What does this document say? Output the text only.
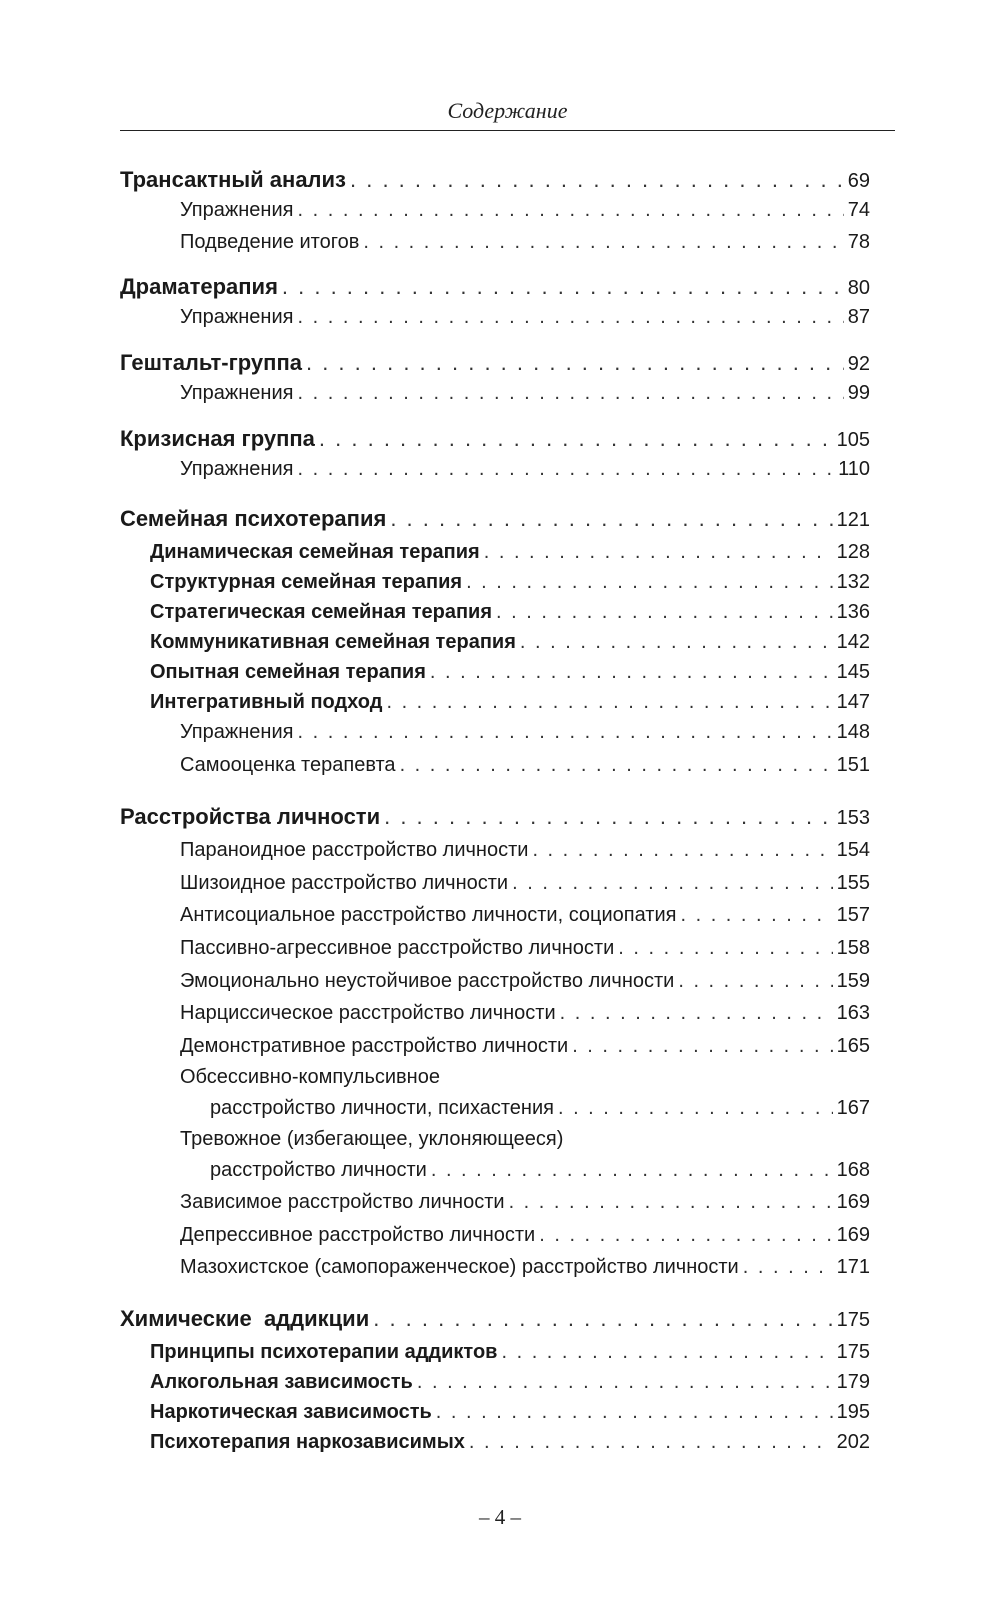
Содержание
Трансактный анализ . . .	69
Упражнения . . .	74
Подведение итогов . . .	78
Драматерапия . . .	80
Упражнения . . .	87
Гештальт-группа . . .	92
Упражнения . . .	99
Кризисная группа . . .	105
Упражнения . . .	110
Семейная психотерапия . . .	121
Динамическая семейная терапия . . .	128
Структурная семейная терапия . . .	132
Стратегическая семейная терапия . . .	136
Коммуникативная семейная терапия . . .	142
Опытная семейная терапия . . .	145
Интегративный подход . . .	147
Упражнения . . .	148
Самооценка терапевта . . .	151
Расстройства личности . . .	153
Параноидное расстройство личности . . .	154
Шизоидное расстройство личности . . .	155
Антисоциальное расстройство личности, социопатия . . .	157
Пассивно-агрессивное расстройство личности . . .	158
Эмоционально неустойчивое расстройство личности . . .	159
Нарциссическое расстройство личности . . .	163
Демонстративное расстройство личности . . .	165
Обсессивно-компульсивное
расстройство личности, психастения . . .	167
Тревожное (избегающее, уклоняющееся)
расстройство личности . . .	168
Зависимое расстройство личности . . .	169
Депрессивное расстройство личности . . .	169
Мазохистское (самопораженческое) расстройство личности . . .	171
Химические  аддикции . . .	175
Принципы психотерапии аддиктов . . .	175
Алкогольная зависимость . . .	179
Наркотическая зависимость . . .	195
Психотерапия наркозависимых . . .	202
– 4 –
